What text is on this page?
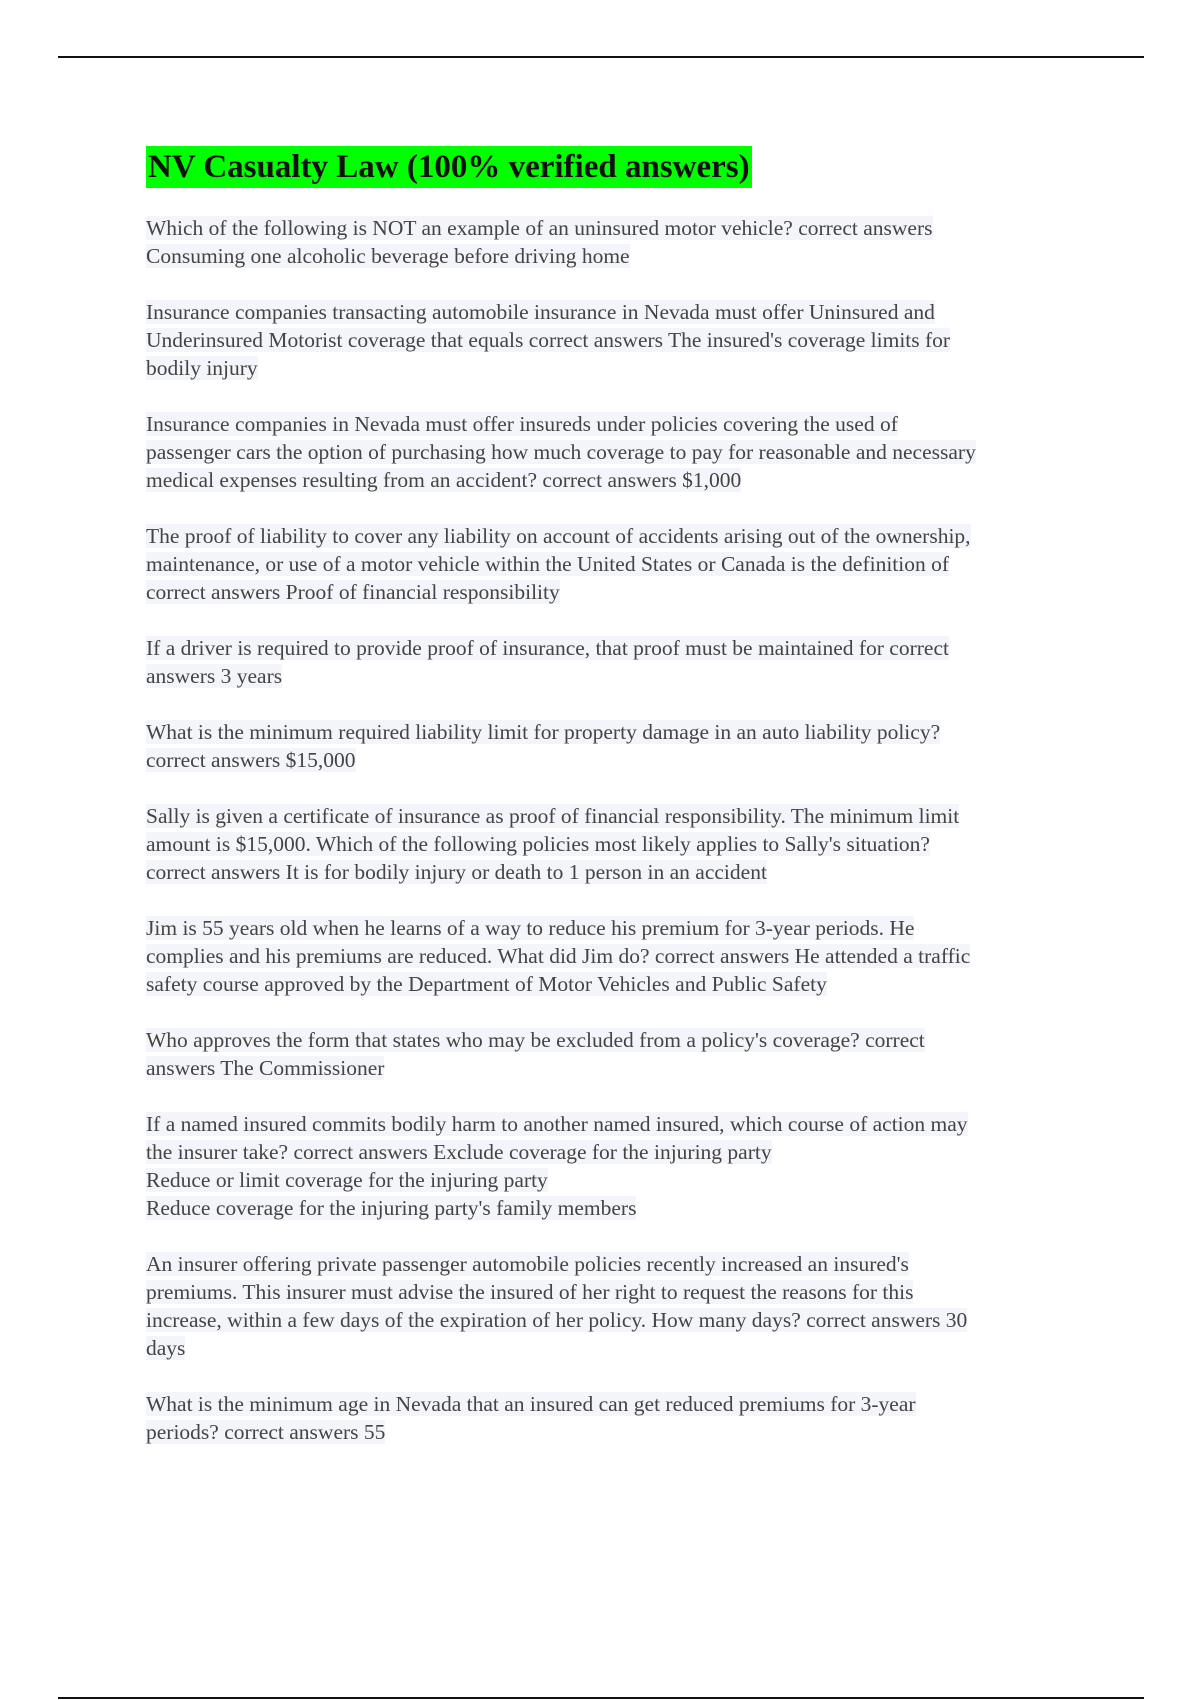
NV Casualty Law (100% verified answers)
Which of the following is NOT an example of an uninsured motor vehicle? correct answers
Consuming one alcoholic beverage before driving home
Insurance companies transacting automobile insurance in Nevada must offer Uninsured and
Underinsured Motorist coverage that equals correct answers The insured's coverage limits for
bodily injury
Insurance companies in Nevada must offer insureds under policies covering the used of
passenger cars the option of purchasing how much coverage to pay for reasonable and necessary
medical expenses resulting from an accident? correct answers $1,000
The proof of liability to cover any liability on account of accidents arising out of the ownership,
maintenance, or use of a motor vehicle within the United States or Canada is the definition of
correct answers Proof of financial responsibility
If a driver is required to provide proof of insurance, that proof must be maintained for correct
answers 3 years
What is the minimum required liability limit for property damage in an auto liability policy?
correct answers $15,000
Sally is given a certificate of insurance as proof of financial responsibility. The minimum limit
amount is $15,000. Which of the following policies most likely applies to Sally's situation?
correct answers It is for bodily injury or death to 1 person in an accident
Jim is 55 years old when he learns of a way to reduce his premium for 3-year periods. He
complies and his premiums are reduced. What did Jim do? correct answers He attended a traffic
safety course approved by the Department of Motor Vehicles and Public Safety
Who approves the form that states who may be excluded from a policy's coverage? correct
answers The Commissioner
If a named insured commits bodily harm to another named insured, which course of action may
the insurer take? correct answers Exclude coverage for the injuring party
Reduce or limit coverage for the injuring party
Reduce coverage for the injuring party's family members
An insurer offering private passenger automobile policies recently increased an insured's
premiums. This insurer must advise the insured of her right to request the reasons for this
increase, within a few days of the expiration of her policy. How many days? correct answers 30
days
What is the minimum age in Nevada that an insured can get reduced premiums for 3-year
periods? correct answers 55
